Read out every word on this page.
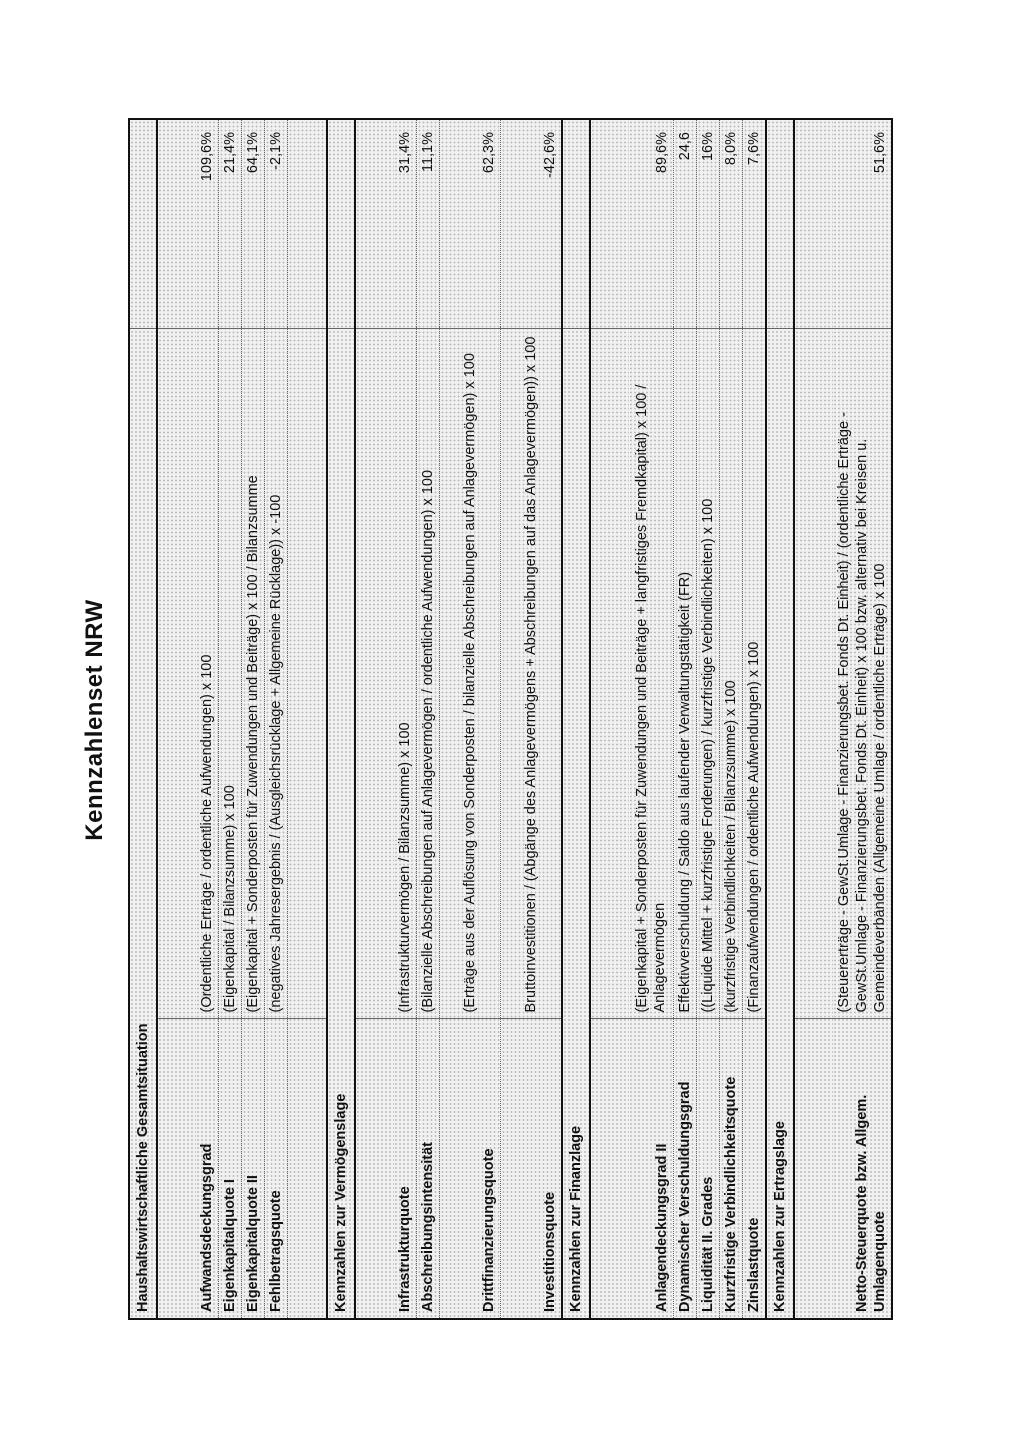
Kennzahlenset NRW
Haushaltswirtschaftliche Gesamtsituation		

Aufwandsdeckungsgrad	(Ordentliche Erträge / ordentliche Aufwendungen) x 100	109,6%
Eigenkapitalquote I	(Eigenkapital / Bilanzsumme) x 100	21,4%
Eigenkapitalquote II	(Eigenkapital + Sonderposten für Zuwendungen und Beiträge) x 100 / Bilanzsumme	64,1%
Fehlbetragsquote	(negatives Jahresergebnis / (Ausgleichsrücklage + Allgemeine Rücklage)) x -100	-2,1%

Kennzahlen zur Vermögenslage		

Infrastrukturquote	(Infrastrukturvermögen / Bilanzsumme) x 100	31,4%
Abschreibungsintensität	(Bilanzielle Abschreibungen auf Anlagevermögen / ordentliche Aufwendungen) x 100	11,1%
Drittfinanzierungsquote	(Erträge aus der Auflösung von Sonderposten / bilanzielle Abschreibungen auf Anlagevermögen) x 100	62,3%
Investitionsquote	Bruttoinvestitionen / (Abgänge des Anlagevermögens + Abschreibungen auf das Anlagevermögen)) x 100	-42,6%
Kennzahlen zur Finanzlage		

Anlagendeckungsgrad II	(Eigenkapital + Sonderposten für Zuwendungen und Beiträge + langfristiges Fremdkapital) x 100 / Anlagevermögen	89,6%
Dynamischer Verschuldungsgrad	Effektivverschuldung / Saldo aus laufender Verwaltungstätigkeit (FR)	24,6
Liquidität II. Grades	((Liquide Mittel + kurzfristige Forderungen) / kurzfristige Verbindlichkeiten) x 100	16%
Kurzfristige Verbindlichkeitsquote	(kurzfristige Verbindlichkeiten / Bilanzsumme) x 100	8,0%
Zinslastquote	(Finanzaufwendungen / ordentliche Aufwendungen) x 100	7,6%
Kennzahlen zur Ertragslage		

Netto-Steuerquote bzw. Allgem. Umlagenquote	(Steuererträge - GewSt.Umlage - Finanzierungsbet. Fonds Dt. Einheit) / (ordentliche Erträge - GewSt.Umlage - Finanzierungsbet. Fonds Dt. Einheit) x 100 bzw. alternativ bei Kreisen u. Gemeindeverbänden (Allgemeine Umlage / ordentliche Erträge) x 100	51,6%
